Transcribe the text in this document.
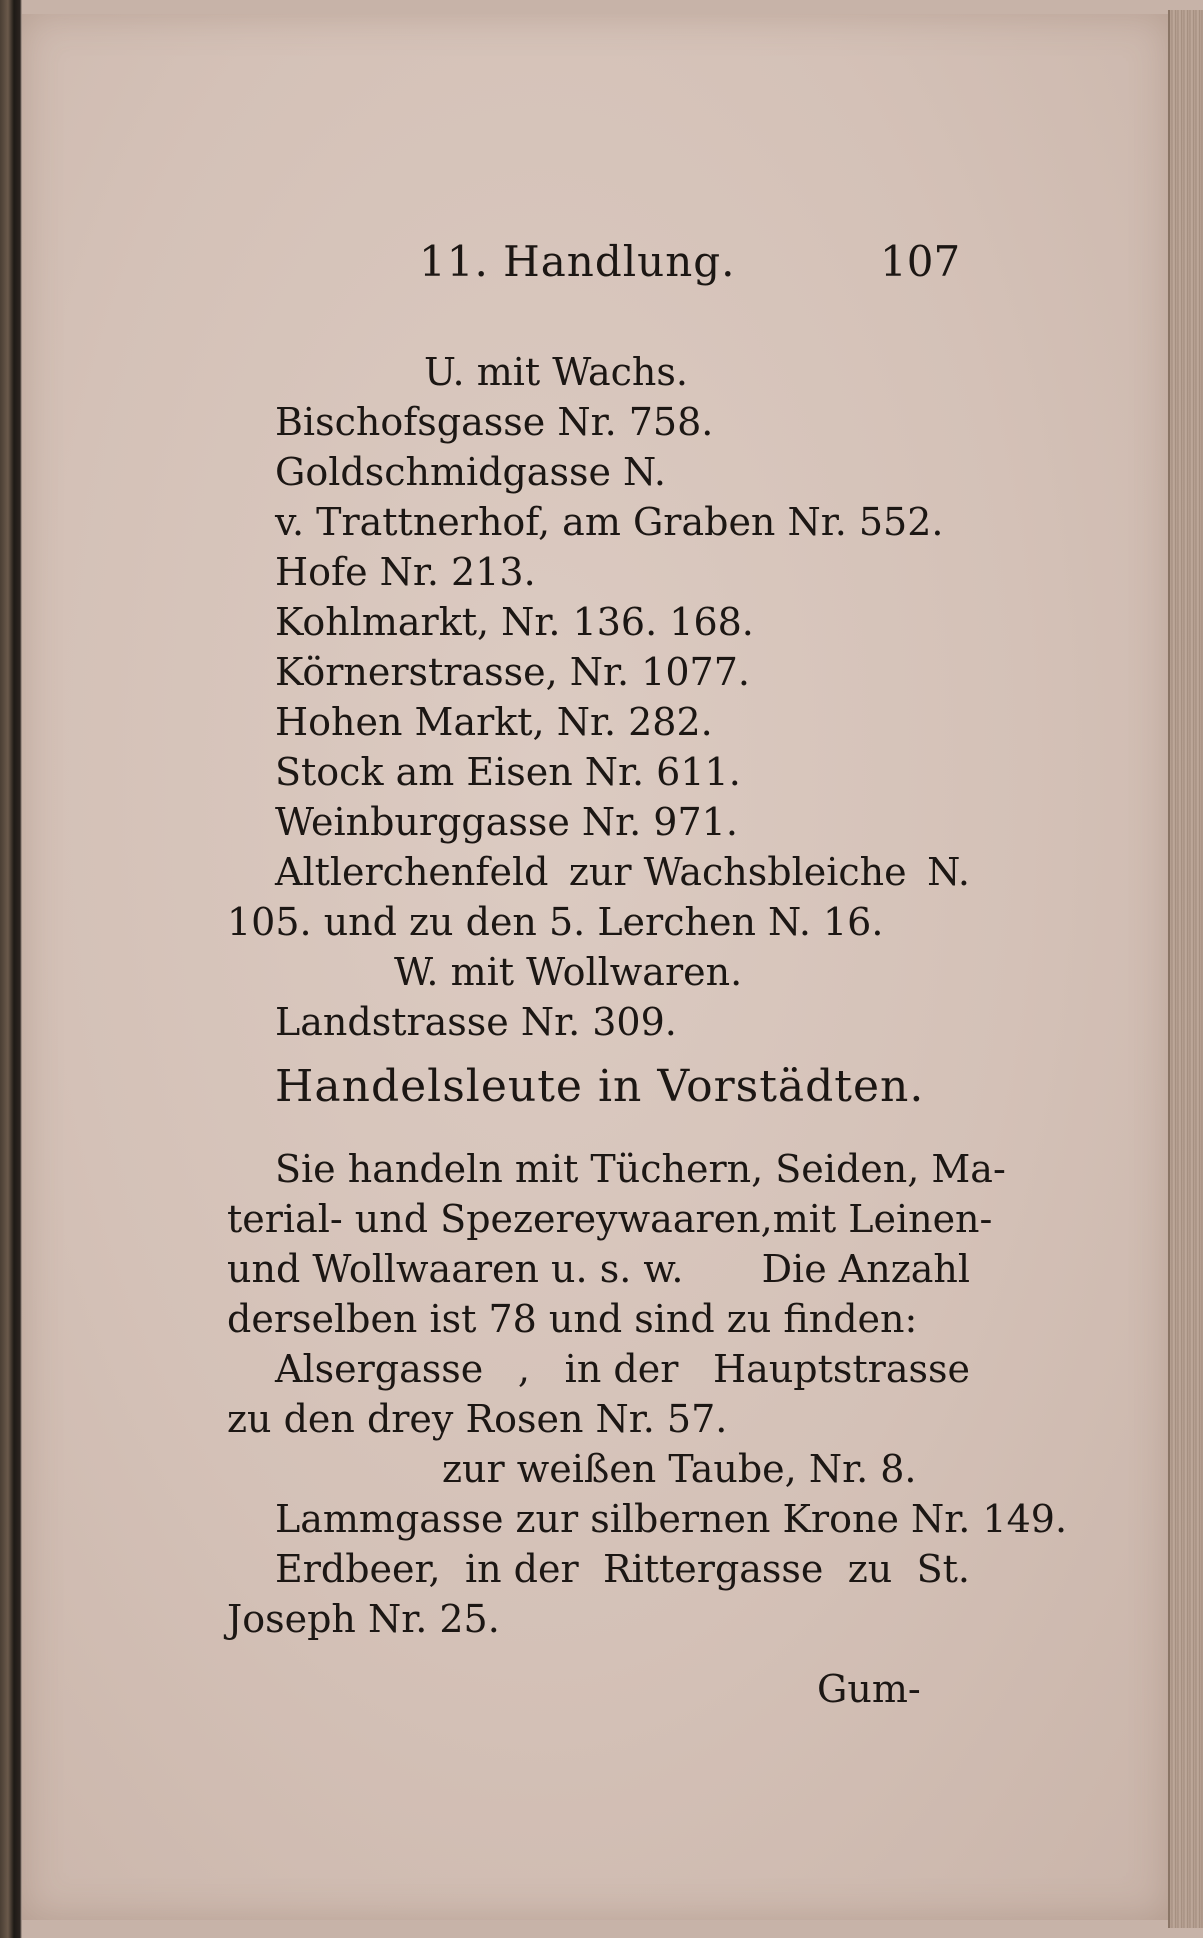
11. Handlung.	107
U. mit Wachs.
Bischofsgasse Nr. 758.
Goldschmidgasse N.
v. Trattnerhof, am Graben Nr. 552.
Hofe Nr. 213.
Kohlmarkt, Nr. 136. 168.
Körnerstrasse, Nr. 1077.
Hohen Markt, Nr. 282.
Stock am Eisen Nr. 611.
Weinburggasse Nr. 971.
Altlerchenfeld zur Wachsbleiche N.
105. und zu den 5. Lerchen N. 16.
W. mit Wollwaren.
Landstrasse Nr. 309.
Handelsleute in Vorstädten.
Sie handeln mit Tüchern, Seiden, Ma-
terial- und Spezereywaaren, mit Leinen-
und Wollwaaren u. s. w. Die Anzahl
derselben ist 78 und sind zu finden:
Alsergasse , in der Hauptstrasse
zu den drey Rosen Nr. 57.
zur weißen Taube, Nr. 8.
Lammgasse zur silbernen Krone Nr. 149.
Erdbeer, in der Rittergasse zu St.
Joseph Nr. 25.
Gum-
